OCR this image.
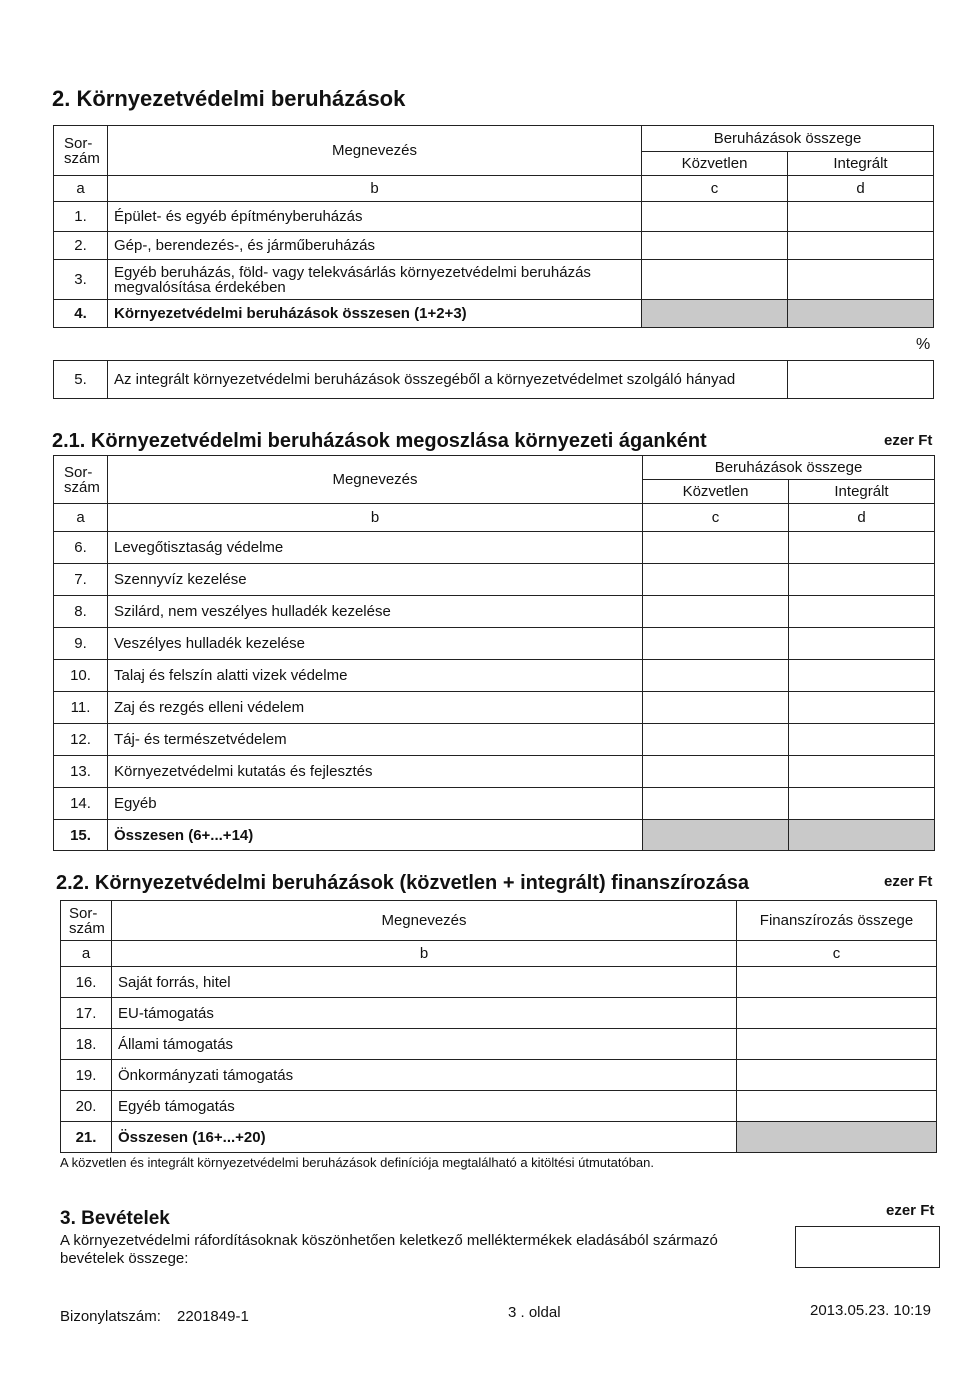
2. Környezetvédelmi beruházások
Sor-
szám	Megnevezés	Beruházások összege	
		Közvetlen	Integrált
a	b	c	d
1.	Épület- és egyéb építményberuházás		
2.	Gép-, berendezés-, és járműberuházás		
3.	Egyéb beruházás, föld- vagy telekvásárlás környezetvédelmi beruházás megvalósítása érdekében		
4.	Környezetvédelmi beruházások összesen (1+2+3)		
%
5.	Az integrált környezetvédelmi beruházások összegéből a környezetvédelmet szolgáló hányad	
2.1. Környezetvédelmi beruházások megoszlása környezeti áganként	ezer Ft
Sor-
szám	Megnevezés	Beruházások összege	
		Közvetlen	Integrált
a	b	c	d
6.	Levegőtisztaság védelme		
7.	Szennyvíz kezelése		
8.	Szilárd, nem veszélyes hulladék kezelése		
9.	Veszélyes hulladék kezelése		
10.	Talaj és felszín alatti vizek védelme		
11.	Zaj és rezgés elleni védelem		
12.	Táj- és természetvédelem		
13.	Környezetvédelmi kutatás és fejlesztés		
14.	Egyéb		
15.	Összesen (6+...+14)		
2.2. Környezetvédelmi beruházások (közvetlen + integrált) finanszírozása	ezer Ft
Sor-
szám	Megnevezés	Finanszírozás összege
a	b	c
16.	Saját forrás, hitel	
17.	EU-támogatás	
18.	Állami támogatás	
19.	Önkormányzati támogatás	
20.	Egyéb támogatás	
21.	Összesen (16+...+20)	
A közvetlen és integrált környezetvédelmi beruházások definíciója megtalálható a kitöltési útmutatóban.
3. Bevételek	ezer Ft
A környezetvédelmi ráfordításoknak köszönhetően keletkező melléktermékek eladásából származó bevételek összege:
Bizonylatszám: 2201849-1	3 . oldal	2013.05.23. 10:19
